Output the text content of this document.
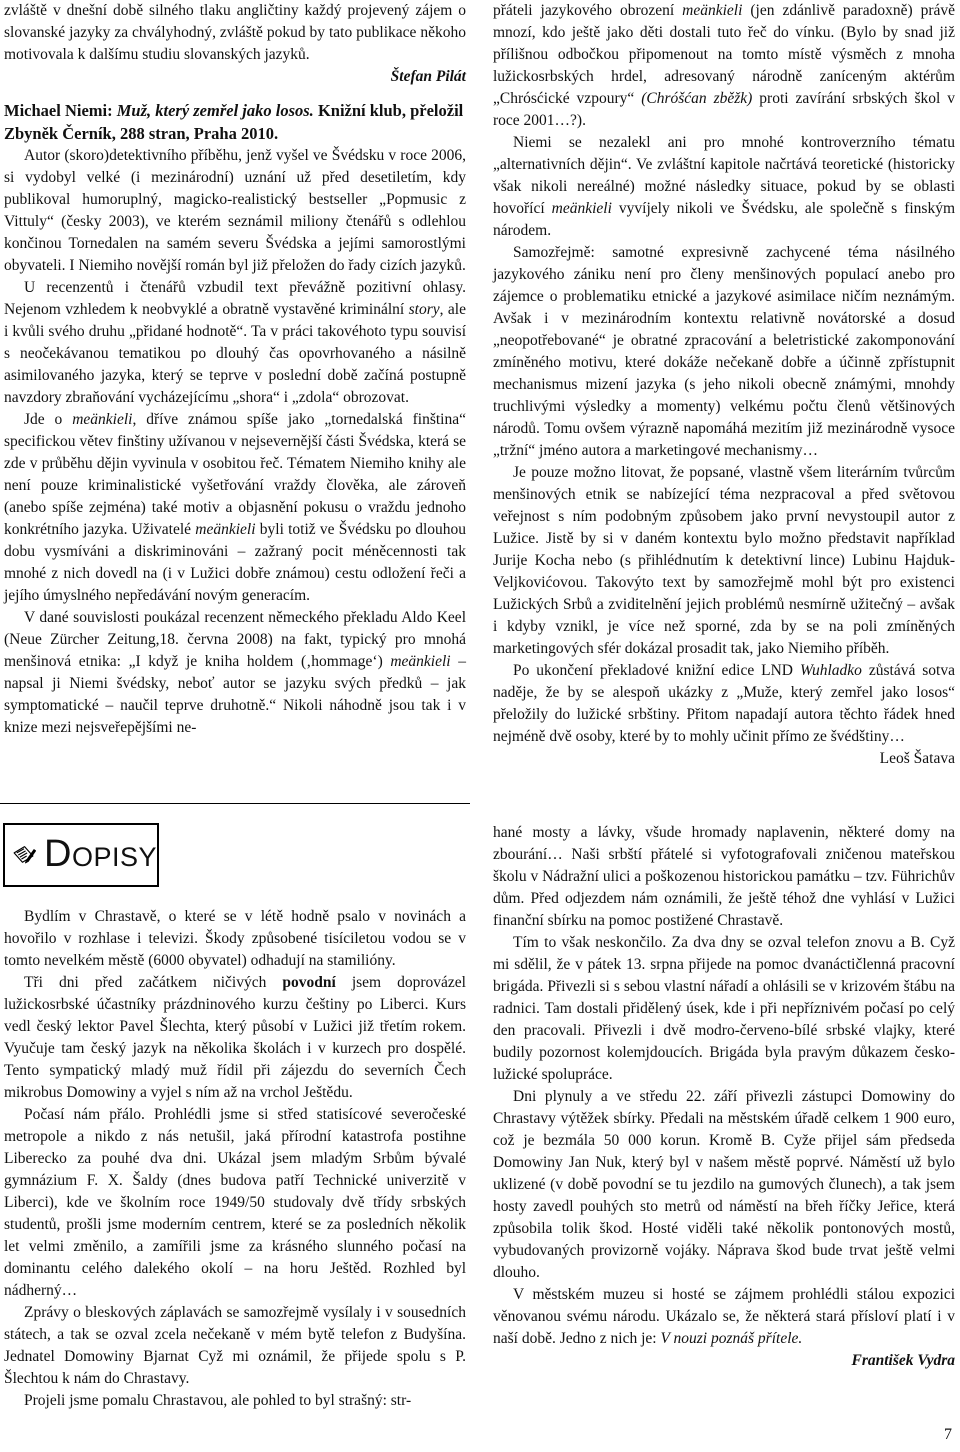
zvláště v dnešní době silného tlaku angličtiny každý projevený zájem o slovanské jazyky za chvályhodný, zvláště pokud by tato publikace někoho motivovala k dalšímu studiu slovanských jazyků.

Štefan Pilát

Michael Niemi: Muž, který zemřel jako losos. Knižní klub, přeložil Zbyněk Černík, 288 stran, Praha 2010.

Autor (skoro)detektivního příběhu, jenž vyšel ve Švédsku v roce 2006, si vydobyl velké (i mezinárodní) uznání už před desetiletím, kdy publikoval humoruplný, magicko-realistický bestseller „Popmusic z Vittuly“ (česky 2003), ve kterém seznámil miliony čtenářů s odlehlou končinou Tornedalen na samém severu Švédska a jejími samorostlými obyvateli. I Niemiho novější román byl již přeložen do řady cizích jazyků.

U recenzentů i čtenářů vzbudil text převážně pozitivní ohlasy. Nejenom vzhledem k neobvyklé a obratně vystavěné kriminální story, ale i kvůli svého druhu „přidané hodnotě“. Ta v práci takovéhoto typu souvisí s neočekávanou tematikou po dlouhý čas opovrhovaného a násilně asimilovaného jazyka, který se teprve v poslední době začíná postupně navzdory zbraňování vycházejícímu „shora“ i „zdola“ obrozovat.

Jde o meänkieli, dříve známou spíše jako „tornedalská finština“ specifickou větev finštiny užívanou v nejsevernější části Švédska, která se zde v průběhu dějin vyvinula v osobitou řeč. Tématem Niemiho knihy ale není pouze kriminalistické vyšetřování vraždy člověka, ale zároveň (anebo spíše zejména) také motiv a objasnění pokusu o vraždu jednoho konkrétního jazyka. Uživatelé meänkieli byli totiž ve Švédsku po dlouhou dobu vysmíváni a diskriminováni – zažraný pocit méněcennosti tak mnohé z nich dovedl na (i v Lužici dobře známou) cestu odložení řeči a jejího úmyslného nepředávání novým generacím.

V dané souvislosti poukázal recenzent německého překladu Aldo Keel (Neue Zürcher Zeitung,18. června 2008) na fakt, typický pro mnohá menšinová etnika: „I když je kniha holdem (‚hommage‘) meänkieli – napsal ji Niemi švédsky, neboť autor se jazyku svých předků – jak symptomatické – naučil teprve druhotně.“ Nikoli náhodně jsou tak i v knize mezi nejsveřepějšími ne-

přáteli jazykového obrození meänkieli (jen zdánlivě paradoxně) právě mnozí, kdo ještě jako děti dostali tuto řeč do vínku. (Bylo by snad již přílišnou odbočkou připomenout na tomto místě výsměch z mnoha lužickosrbských hrdel, adresovaný národně zaníceným aktérům „Chrósćické vzpoury“ (Chróšćan zběžk) proti zavírání srbských škol v roce 2001…?).

Niemi se nezalekl ani pro mnohé kontroverzního tématu „alternativních dějin“. Ve zvláštní kapitole načrtává teoretické (historicky však nikoli nereálné) možné následky situace, pokud by se oblasti hovořící meänkieli vyvíjely nikoli ve Švédsku, ale společně s finským národem.

Samozřejmě: samotné expresivně zachycené téma násilného jazykového zániku není pro členy menšinových populací anebo pro zájemce o problematiku etnické a jazykové asimilace ničím neznámým. Avšak i v mezinárodním kontextu relativně novátorské a dosud „neopotřebované“ je obratné zpracování a beletristické zakomponování zmíněného motivu, které dokáže nečekaně dobře a účinně zpřístupnit mechanismus mizení jazyka (s jeho nikoli obecně známými, mnohdy truchlivými výsledky a momenty) velkému počtu členů většinových národů. Tomu ovšem výrazně napomáhá mezitím již mezinárodně vysoce „tržní“ jméno autora a marketingové mechanismy…

Je pouze možno litovat, že popsané, vlastně všem literárním tvůrcům menšinových etnik se nabízející téma nezpracoval a před světovou veřejnost s ním podobným způsobem jako první nevystoupil autor z Lužice. Jistě by si v daném kontextu bylo možno představit například Jurije Kocha nebo (s přihlédnutím k detektivní lince) Lubinu Hajduk-Veljkovićovou. Takovýto text by samozřejmě mohl být pro existenci Lužických Srbů a zviditelnění jejich problémů nesmírně užitečný – avšak i kdyby vznikl, je více než sporné, zda by se na poli zmíněných marketingových sfér dokázal prosadit tak, jako Niemiho příběh.

Po ukončení překladové knižní edice LND Wuhladko zůstává sotva naděje, že by se alespoň ukázky z „Muže, který zemřel jako losos“ přeložily do lužické srbštiny. Přitom napadají autora těchto řádek hned nejméně dvě osoby, které by to mohly učinit přímo ze švédštiny…
Leoš Šatava

DOPISY

Bydlím v Chrastavě, o které se v létě hodně psalo v novinách a hovořilo v rozhlase i televizi. Škody způsobené tisíciletou vodou se v tomto nevelkém městě (6000 obyvatel) odhadují na stamilióny.

Tři dni před začátkem ničivých povodní jsem doprovázel lužickosrbské účastníky prázdninového kurzu češtiny po Liberci. Kurs vedl český lektor Pavel Šlechta, který působí v Lužici již třetím rokem. Vyučuje tam český jazyk na několika školách i v kurzech pro dospělé. Tento sympatický mladý muž řídil při zájezdu do severních Čech mikrobus Domowiny a vyjel s ním až na vrchol Ještědu.

Počasí nám přálo. Prohlédli jsme si střed statisícové severočeské metropole a nikdo z nás netušil, jaká přírodní katastrofa postihne Liberecko za pouhé dva dni. Ukázal jsem mladým Srbům bývalé gymnázium F. X. Šaldy (dnes budova patří Technické univerzitě v Liberci), kde ve školním roce 1949/50 studovaly dvě třídy srbských studentů, prošli jsme moderním centrem, které se za posledních několik let velmi změnilo, a zamířili jsme za krásného slunného počasí na dominantu celého dalekého okolí – na horu Ještěd. Rozhled byl nádherný…

Zprávy o bleskových záplavách se samozřejmě vysílaly i v sousedních státech, a tak se ozval zcela nečekaně v mém bytě telefon z Budyšína. Jednatel Domowiny Bjarnat Cyž mi oznámil, že přijede spolu s P. Šlechtou k nám do Chrastavy.

Projeli jsme pomalu Chrastavou, ale pohled to byl strašný: str-

hané mosty a lávky, všude hromady naplavenin, některé domy na zbourání… Naši srbští přátelé si vyfotografovali zničenou mateřskou školu v Nádražní ulici a poškozenou historickou památku – tzv. Führichův dům. Před odjezdem nám oznámili, že ještě téhož dne vyhlásí v Lužici finanční sbírku na pomoc postižené Chrastavě.

Tím to však neskončilo. Za dva dny se ozval telefon znovu a B. Cyž mi sdělil, že v pátek 13. srpna přijede na pomoc dvanáctičlenná pracovní brigáda. Přivezli si s sebou vlastní nářadí a ohlásili se v krizovém štábu na radnici. Tam dostali přidělený úsek, kde i při nepříznivém počasí po celý den pracovali. Přivezli i dvě modro-červeno-bílé srbské vlajky, které budily pozornost kolemjdoucích. Brigáda byla pravým důkazem česko-lužické spolupráce.

Dni plynuly a ve středu 22. září přivezli zástupci Domowiny do Chrastavy výtěžek sbírky. Předali na městském úřadě celkem 1 900 euro, což je bezmála 50 000 korun. Kromě B. Cyže přijel sám předseda Domowiny Jan Nuk, který byl v našem městě poprvé. Náměstí už bylo uklizené (v době povodní se tu jezdilo na gumových člunech), a tak jsem hosty zavedl pouhých sto metrů od náměstí na břeh říčky Jeřice, která způsobila tolik škod. Hosté viděli také několik pontonových mostů, vybudovaných provizorně vojáky. Náprava škod bude trvat ještě velmi dlouho.

V městském muzeu si hosté se zájmem prohlédli stálou expozici věnovanou svému národu. Ukázalo se, že některá stará přísloví platí i v naší době. Jedno z nich je: V nouzi poznáš přítele.

František Vydra

7
